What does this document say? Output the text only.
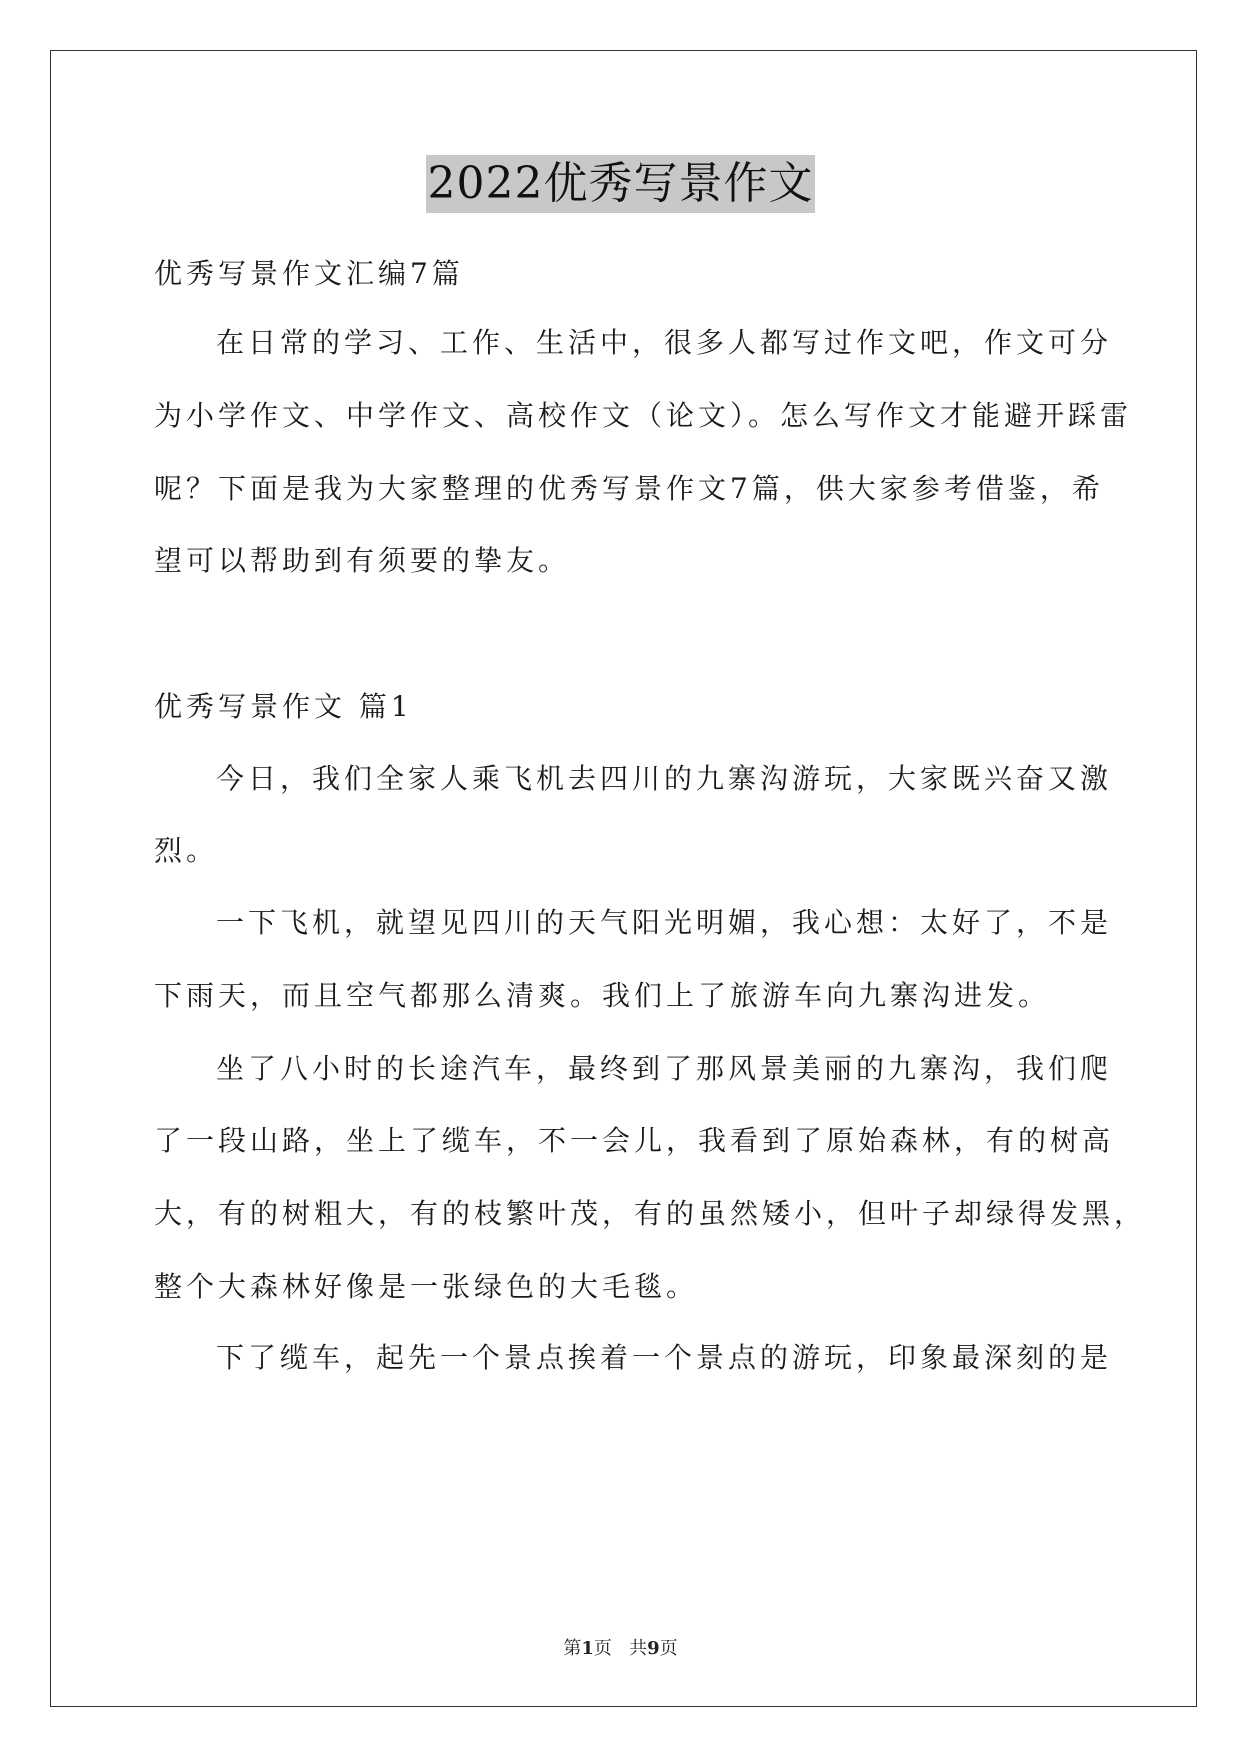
2022优秀写景作文
优秀写景作文汇编7篇
在日常的学习、工作、生活中，很多人都写过作文吧，作文可分
为小学作文、中学作文、高校作文（论文）。怎么写作文才能避开踩雷
呢？下面是我为大家整理的优秀写景作文7篇，供大家参考借鉴，希
望可以帮助到有须要的挚友。
优秀写景作文 篇1
今日，我们全家人乘飞机去四川的九寨沟游玩，大家既兴奋又激
烈。
一下飞机，就望见四川的天气阳光明媚，我心想：太好了，不是
下雨天，而且空气都那么清爽。我们上了旅游车向九寨沟进发。
坐了八小时的长途汽车，最终到了那风景美丽的九寨沟，我们爬
了一段山路，坐上了缆车，不一会儿，我看到了原始森林，有的树高
大，有的树粗大，有的枝繁叶茂，有的虽然矮小，但叶子却绿得发黑，
整个大森林好像是一张绿色的大毛毯。
下了缆车，起先一个景点挨着一个景点的游玩，印象最深刻的是
第1页 共9页
